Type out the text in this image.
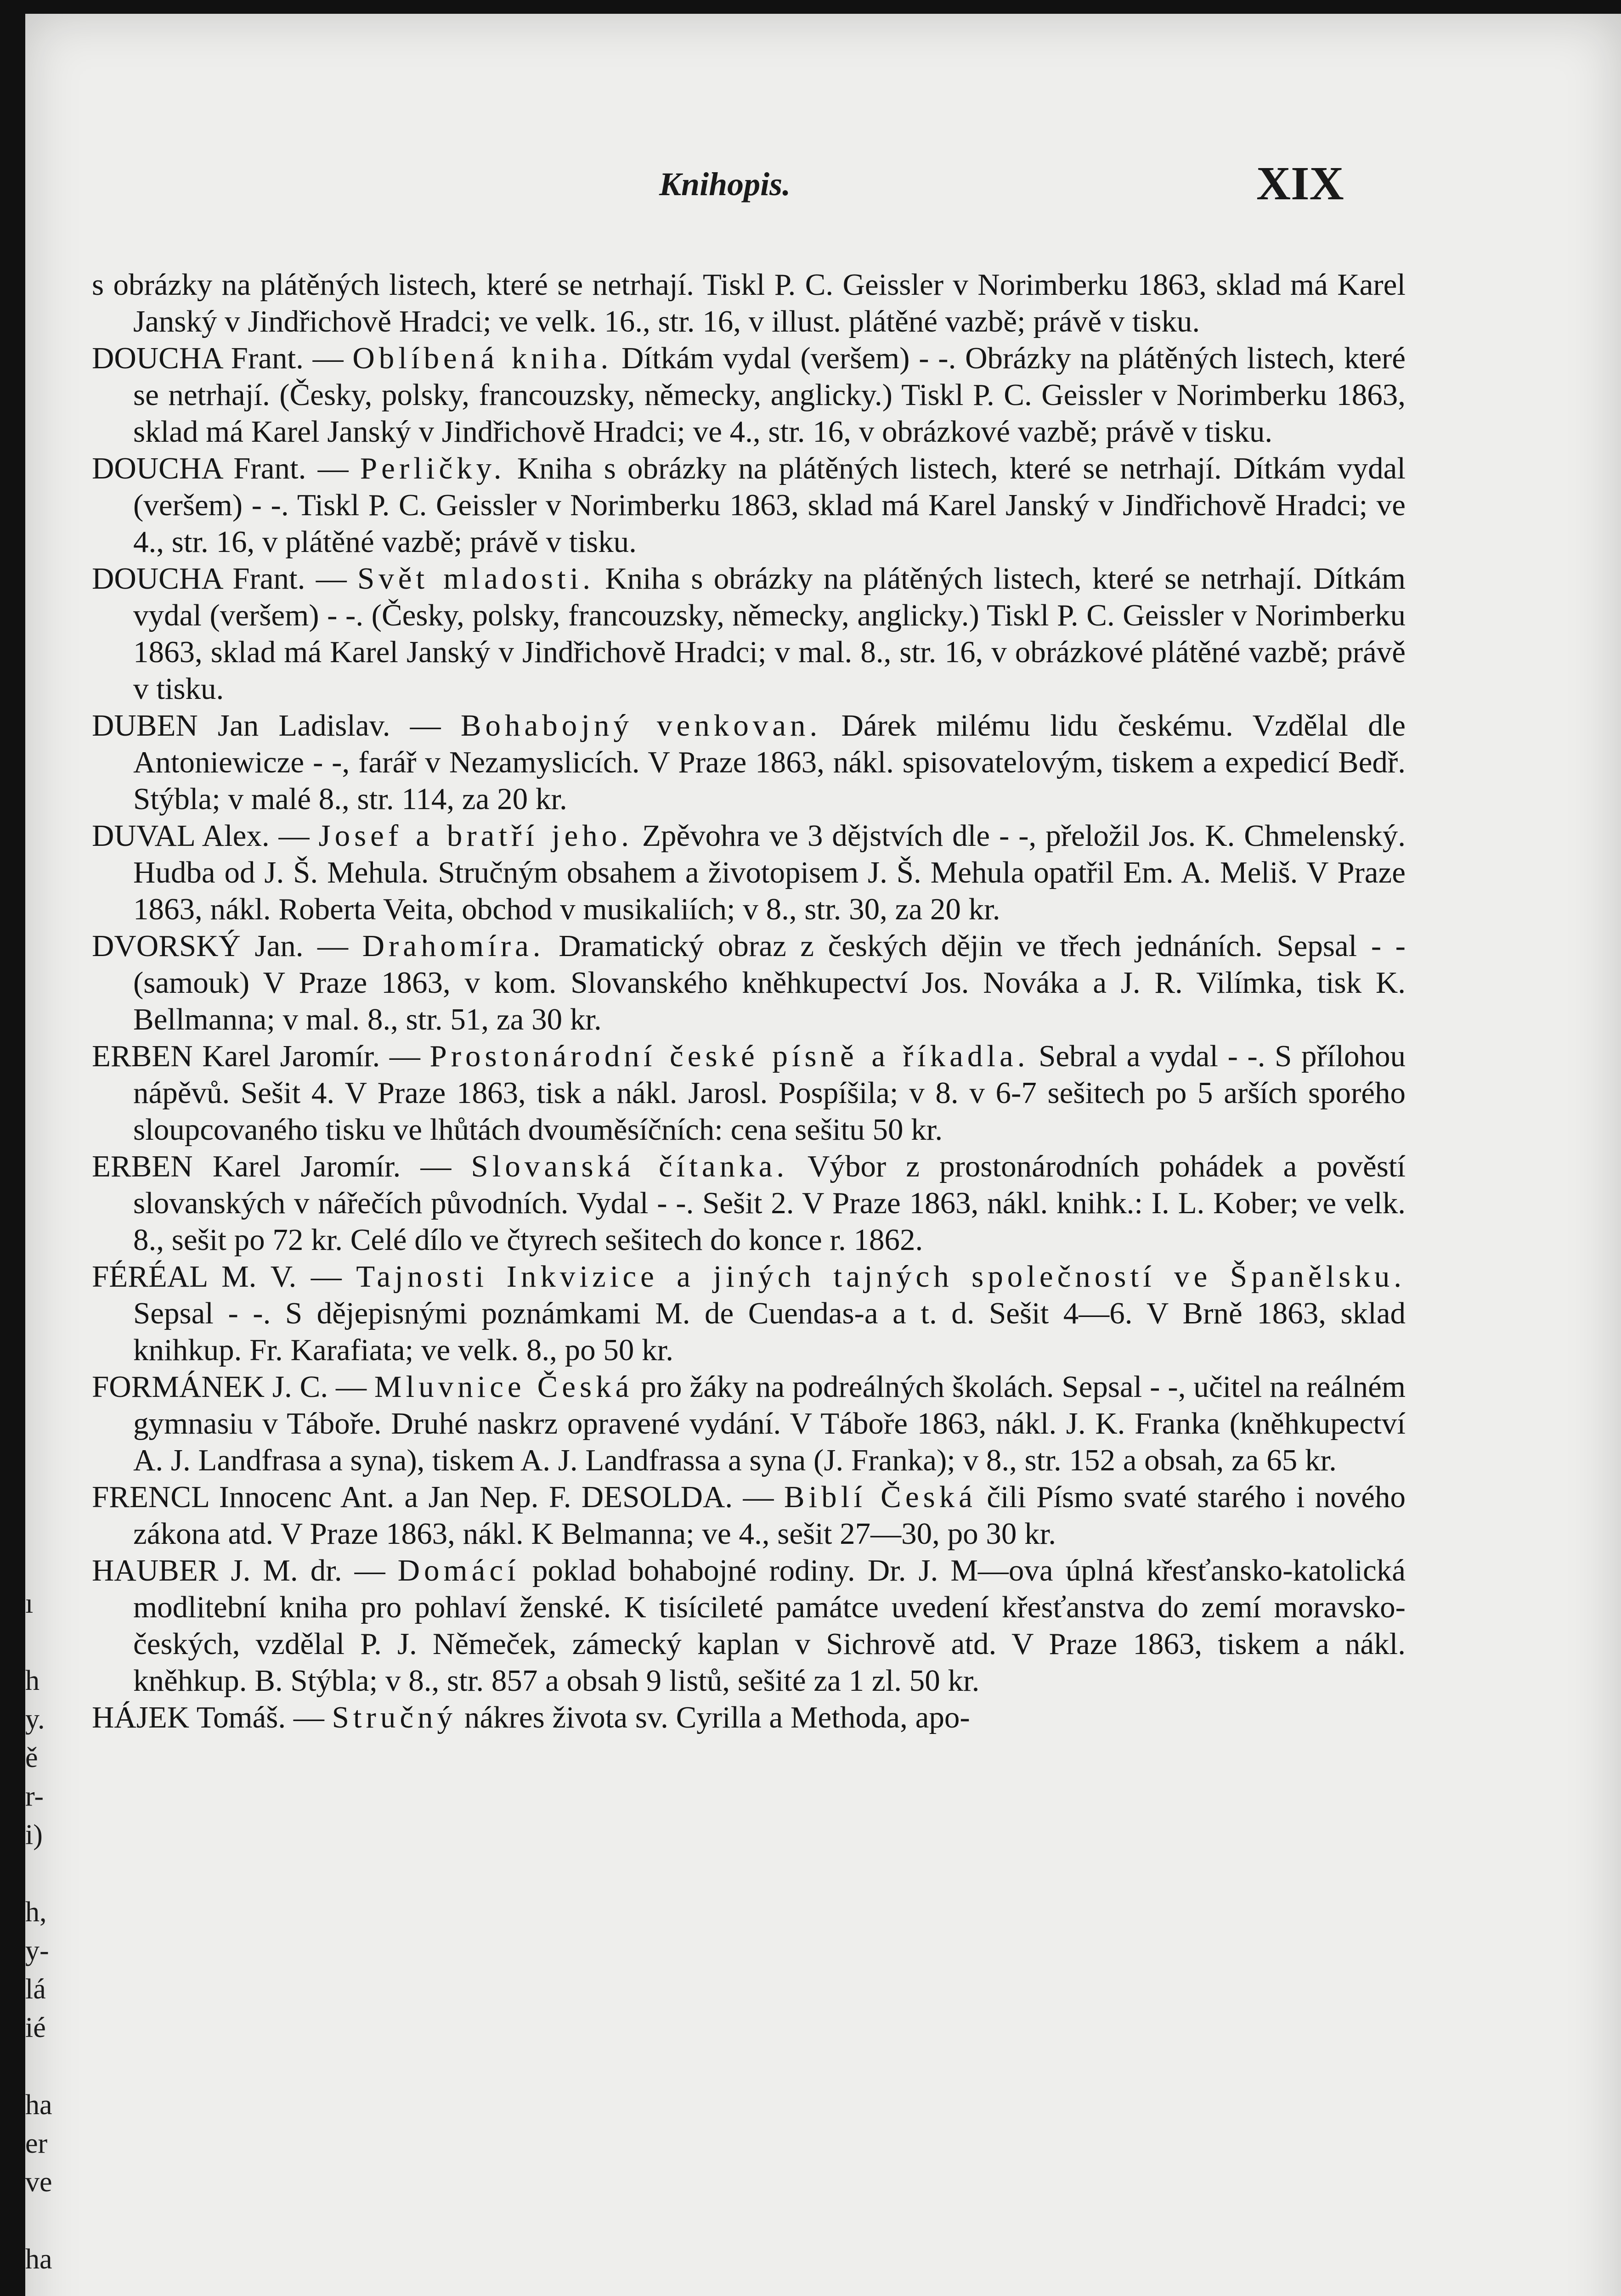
Knihopis.	XIX
ı
h
y.
ě
r-
i)
h,
y-
lá
ié
ha
er
ve
ha
s obrázky na plátěných listech, které se netrhají. Tiskl P. C. Geissler v Norimberku 1863, sklad má Karel Janský v Jindřichově Hradci; ve velk. 16., str. 16, v illust. plátěné vazbě; právě v tisku.
DOUCHA Frant. — Oblíbená kniha. Dítkám vydal (veršem) - -. Obrázky na plátěných listech, které se netrhají. (Česky, polsky, francouzsky, německy, anglicky.) Tiskl P. C. Geissler v Norimberku 1863, sklad má Karel Janský v Jindřichově Hradci; ve 4., str. 16, v obrázkové vazbě; právě v tisku.
DOUCHA Frant. — Perličky. Kniha s obrázky na plátěných listech, které se netrhají. Dítkám vydal (veršem) - -. Tiskl P. C. Geissler v Norimberku 1863, sklad má Karel Janský v Jindřichově Hradci; ve 4., str. 16, v plátěné vazbě; právě v tisku.
DOUCHA Frant. — Svět mladosti. Kniha s obrázky na plátěných listech, které se netrhají. Dítkám vydal (veršem) - -. (Česky, polsky, francouzsky, německy, anglicky.) Tiskl P. C. Geissler v Norimberku 1863, sklad má Karel Janský v Jindřichově Hradci; v mal. 8., str. 16, v obrázkové plátěné vazbě; právě v tisku.
DUBEN Jan Ladislav. — Bohabojný venkovan. Dárek milému lidu českému. Vzdělal dle Antoniewicze - -, farář v Nezamyslicích. V Praze 1863, nákl. spisovatelovým, tiskem a expedicí Bedř. Stýbla; v malé 8., str. 114, za 20 kr.
DUVAL Alex. — Josef a bratří jeho. Zpěvohra ve 3 dějstvích dle - -, přeložil Jos. K. Chmelenský. Hudba od J. Š. Mehula. Stručným obsahem a životopisem J. Š. Mehula opatřil Em. A. Meliš. V Praze 1863, nákl. Roberta Veita, obchod v musikaliích; v 8., str. 30, za 20 kr.
DVORSKÝ Jan. — Drahomíra. Dramatický obraz z českých dějin ve třech jednáních. Sepsal - - (samouk) V Praze 1863, v kom. Slovanského kněhkupectví Jos. Nováka a J. R. Vilímka, tisk K. Bellmanna; v mal. 8., str. 51, za 30 kr.
ERBEN Karel Jaromír. — Prostonárodní české písně a říkadla. Sebral a vydal - -. S přílohou nápěvů. Sešit 4. V Praze 1863, tisk a nákl. Jarosl. Pospíšila; v 8. v 6-7 sešitech po 5 arších sporého sloupcovaného tisku ve lhůtách dvouměsíčních: cena sešitu 50 kr.
ERBEN Karel Jaromír. — Slovanská čítanka. Výbor z prostonárodních pohádek a pověstí slovanských v nářečích původních. Vydal - -. Sešit 2. V Praze 1863, nákl. knihk.: I. L. Kober; ve velk. 8., sešit po 72 kr. Celé dílo ve čtyrech sešitech do konce r. 1862.
FÉRÉAL M. V. — Tajnosti Inkvizice a jiných tajných společností ve Španělsku. Sepsal - -. S dějepisnými poznámkami M. de Cuendas-a a t. d. Sešit 4—6. V Brně 1863, sklad knihkup. Fr. Karafiata; ve velk. 8., po 50 kr.
FORMÁNEK J. C. — Mluvnice Česká pro žáky na podreálných školách. Sepsal - -, učitel na reálném gymnasiu v Táboře. Druhé naskrz opravené vydání. V Táboře 1863, nákl. J. K. Franka (kněhkupectví A. J. Landfrasa a syna), tiskem A. J. Landfrassa a syna (J. Franka); v 8., str. 152 a obsah, za 65 kr.
FRENCL Innocenc Ant. a Jan Nep. F. DESOLDA. — Biblí Česká čili Písmo svaté starého i nového zákona atd. V Praze 1863, nákl. K Belmanna; ve 4., sešit 27—30, po 30 kr.
HAUBER J. M. dr. — Domácí poklad bohabojné rodiny. Dr. J. M—ova úplná křesťansko-katolická modlitební kniha pro pohlaví ženské. K tisícileté památce uvedení křesťanstva do zemí moravsko-českých, vzdělal P. J. Němeček, zámecký kaplan v Sichrově atd. V Praze 1863, tiskem a nákl. kněhkup. B. Stýbla; v 8., str. 857 a obsah 9 listů, sešité za 1 zl. 50 kr.
HÁJEK Tomáš. — Stručný nákres života sv. Cyrilla a Methoda, apo-
